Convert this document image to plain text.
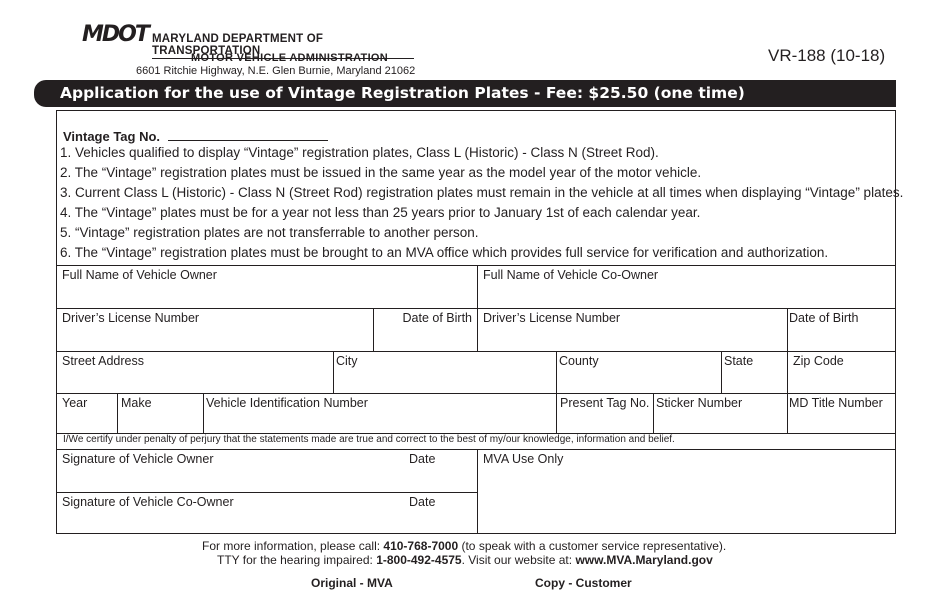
MDOT MARYLAND DEPARTMENT OF TRANSPORTATION
MOTOR VEHICLE ADMINISTRATION
6601 Ritchie Highway, N.E. Glen Burnie, Maryland 21062
VR-188 (10-18)
Application for the use of Vintage Registration Plates - Fee: $25.50 (one time)
Vintage Tag No.
1. Vehicles qualified to display “Vintage” registration plates, Class L (Historic) - Class N (Street Rod).
2. The “Vintage” registration plates must be issued in the same year as the model year of the motor vehicle.
3. Current Class L (Historic) - Class N (Street Rod) registration plates must remain in the vehicle at all times when displaying “Vintage” plates.
4. The “Vintage” plates must be for a year not less than 25 years prior to January 1st of each calendar year.
5. “Vintage” registration plates are not transferrable to another person.
6. The “Vintage” registration plates must be brought to an MVA office which provides full service for verification and authorization.
Full Name of Vehicle Owner	Full Name of Vehicle Co-Owner
Driver’s License Number	Date of Birth Driver’s License Number	Date of Birth
Street Address	City	County	State	Zip Code
Year	Make	Vehicle Identification Number	Present Tag No. Sticker Number	MD Title Number
I/We certify under penalty of perjury that the statements made are true and correct to the best of my/our knowledge, information and belief.
Signature of Vehicle Owner	Date
Signature of Vehicle Co-Owner	Date
MVA Use Only
For more information, please call: 410-768-7000 (to speak with a customer service representative).
TTY for the hearing impaired: 1-800-492-4575. Visit our website at: www.MVA.Maryland.gov
Original - MVA	Copy - Customer
